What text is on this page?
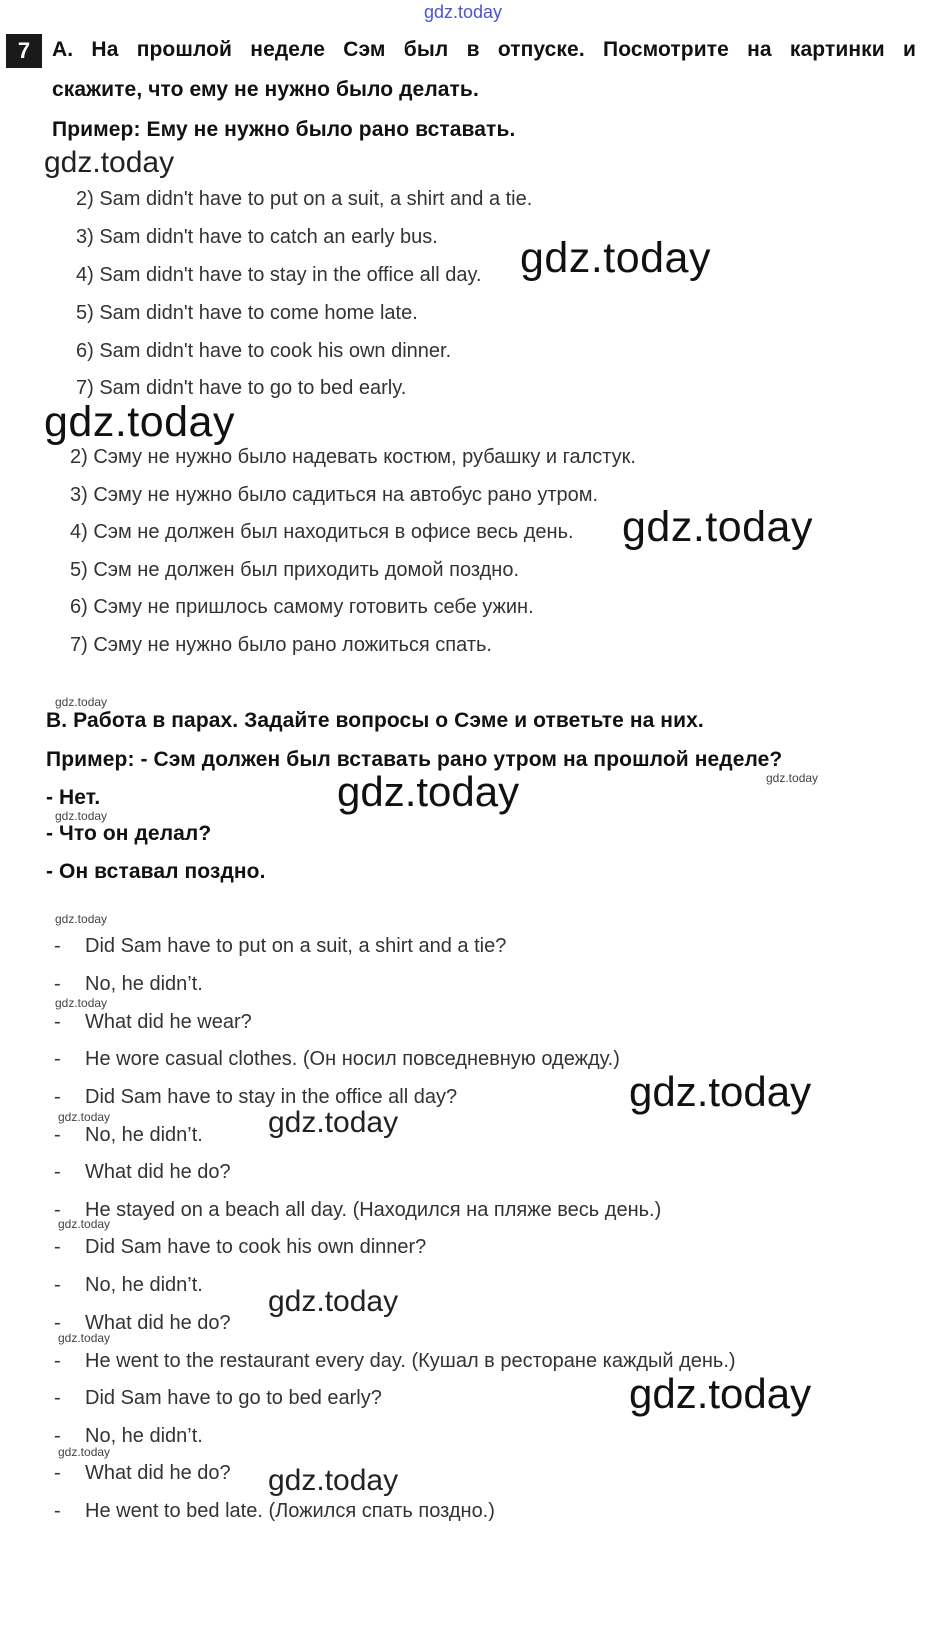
gdz.today
7	A. На прошлой неделе Сэм был в отпуске. Посмотрите на картинки и
скажите, что ему не нужно было делать.
Пример: Ему не нужно было рано вставать.
gdz.today
2) Sam didn't have to put on a suit, a shirt and a tie.
3) Sam didn't have to catch an early bus.
4) Sam didn't have to stay in the office all day. gdz.today
5) Sam didn't have to come home late.
6) Sam didn't have to cook his own dinner.
7) Sam didn't have to go to bed early.
gdz.today
2) Сэму не нужно было надевать костюм, рубашку и галстук.
3) Сэму не нужно было садиться на автобус рано утром.
4) Сэм не должен был находиться в офисе весь день. gdz.today
5) Сэм не должен был приходить домой поздно.
6) Сэму не пришлось самому готовить себе ужин.
7) Сэму не нужно было рано ложиться спать.
gdz.today
B. Работа в парах. Задайте вопросы о Сэме и ответьте на них.
Пример: - Сэм должен был вставать рано утром на прошлой неделе?
gdz.today
- Нет.	gdz.today
gdz.today
- Что он делал?
- Он вставал поздно.
gdz.today
- Did Sam have to put on a suit, a shirt and a tie?
- No, he didn’t.
gdz.today
- What did he wear?
- He wore casual clothes. (Он носил повседневную одежду.)
- Did Sam have to stay in the office all day?	gdz.today
gdz.today
- No, he didn’t. gdz.today
- What did he do?
- He stayed on a beach all day. (Находился на пляже весь день.)
gdz.today
- Did Sam have to cook his own dinner?
- No, he didn’t.
- What did he do?
gdz.today
gdz.today
- He went to the restaurant every day. (Кушал в ресторане каждый день.)
- Did Sam have to go to bed early?	gdz.today
- No, he didn’t.
gdz.today
- What did he do? gdz.today
- He went to bed late. (Ложился спать поздно.)
